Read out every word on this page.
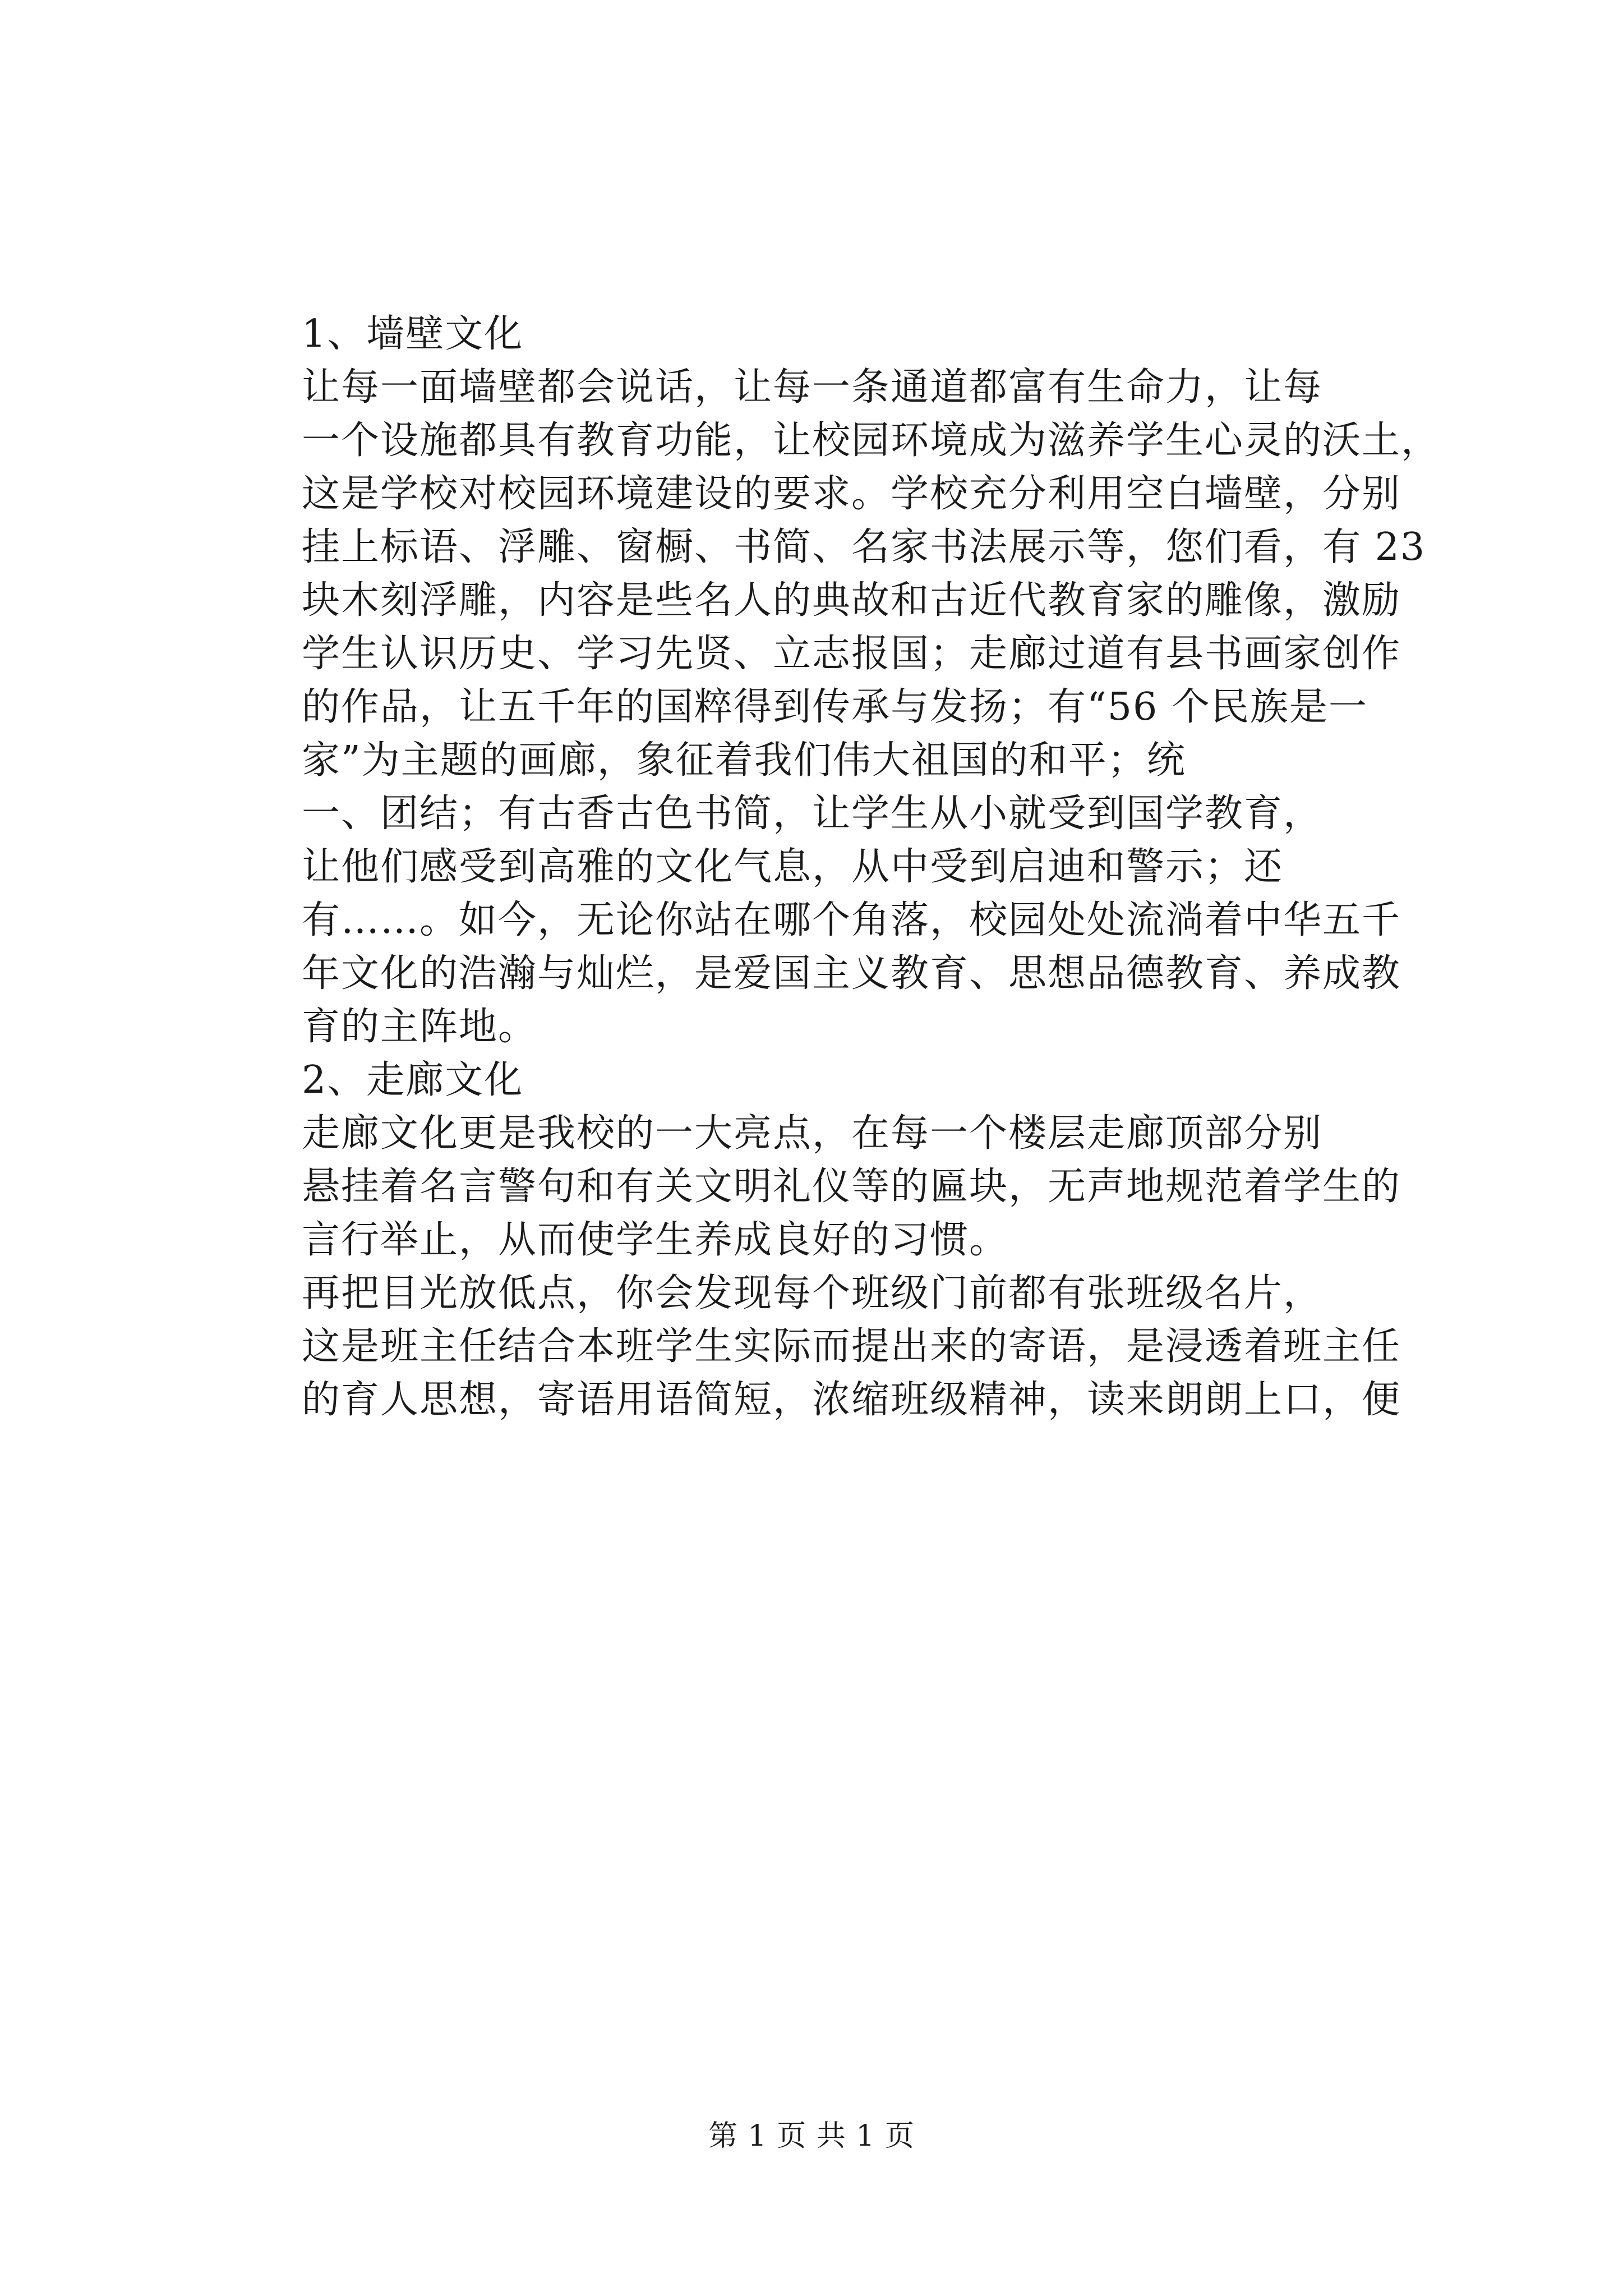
1、墙壁文化

让每一面墙壁都会说话，让每一条通道都富有生命力，让每
一个设施都具有教育功能，让校园环境成为滋养学生心灵的沃土，
这是学校对校园环境建设的要求。学校充分利用空白墙壁，分别
挂上标语、浮雕、窗橱、书简、名家书法展示等，您们看，有 23
块木刻浮雕，内容是些名人的典故和古近代教育家的雕像，激励
学生认识历史、学习先贤、立志报国；走廊过道有县书画家创作
的作品，让五千年的国粹得到传承与发扬；有“56 个民族是一
家”为主题的画廊，象征着我们伟大祖国的和平；统

一、团结；有古香古色书简，让学生从小就受到国学教育，
让他们感受到高雅的文化气息，从中受到启迪和警示；还
有……。如今，无论你站在哪个角落，校园处处流淌着中华五千
年文化的浩瀚与灿烂，是爱国主义教育、思想品德教育、养成教
育的主阵地。

2、走廊文化

走廊文化更是我校的一大亮点，在每一个楼层走廊顶部分别
悬挂着名言警句和有关文明礼仪等的匾块，无声地规范着学生的
言行举止，从而使学生养成良好的习惯。

再把目光放低点，你会发现每个班级门前都有张班级名片，
这是班主任结合本班学生实际而提出来的寄语，是浸透着班主任
的育人思想，寄语用语简短，浓缩班级精神，读来朗朗上口，便

第 1 页 共 1 页
